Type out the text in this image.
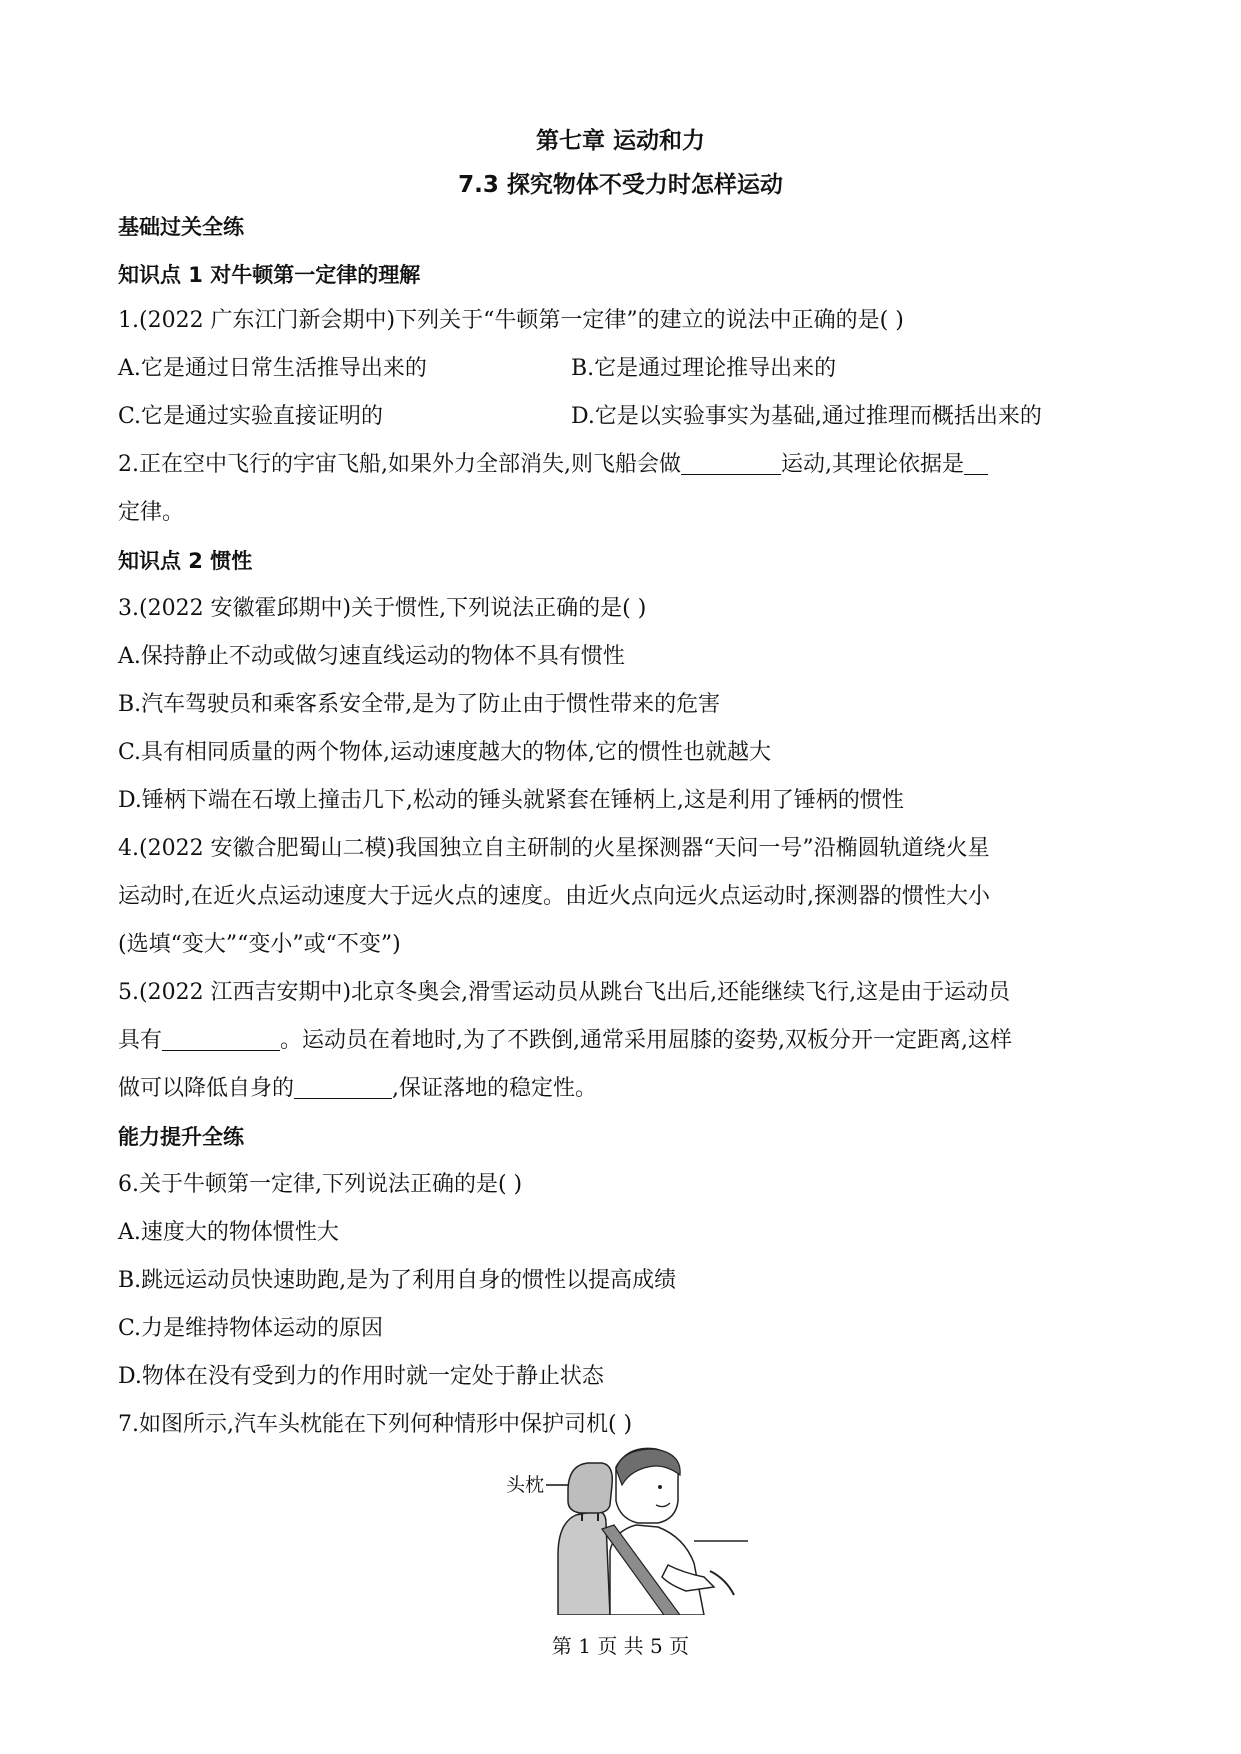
第七章 运动和力
7.3 探究物体不受力时怎样运动
基础过关全练
知识点 1 对牛顿第一定律的理解
1.(2022 广东江门新会期中)下列关于“牛顿第一定律”的建立的说法中正确的是( )
A.它是通过日常生活推导出来的	B.它是通过理论推导出来的
C.它是通过实验直接证明的	D.它是以实验事实为基础,通过推理而概括出来的
2.正在空中飞行的宇宙飞船,如果外力全部消失,则飞船会做	运动,其理论依据是
定律。
知识点 2 惯性
3.(2022 安徽霍邱期中)关于惯性,下列说法正确的是( )
A.保持静止不动或做匀速直线运动的物体不具有惯性
B.汽车驾驶员和乘客系安全带,是为了防止由于惯性带来的危害
C.具有相同质量的两个物体,运动速度越大的物体,它的惯性也就越大
D.锤柄下端在石墩上撞击几下,松动的锤头就紧套在锤柄上,这是利用了锤柄的惯性
4.(2022 安徽合肥蜀山二模)我国独立自主研制的火星探测器“天问一号”沿椭圆轨道绕火星
运动时,在近火点运动速度大于远火点的速度。由近火点向远火点运动时,探测器的惯性大小
(选填“变大”“变小”或“不变”)
5.(2022 江西吉安期中)北京冬奥会,滑雪运动员从跳台飞出后,还能继续飞行,这是由于运动员
具有	。运动员在着地时,为了不跌倒,通常采用屈膝的姿势,双板分开一定距离,这样
做可以降低自身的	,保证落地的稳定性。
能力提升全练
6.关于牛顿第一定律,下列说法正确的是( )
A.速度大的物体惯性大
B.跳远运动员快速助跑,是为了利用自身的惯性以提高成绩
C.力是维持物体运动的原因
D.物体在没有受到力的作用时就一定处于静止状态
7.如图所示,汽车头枕能在下列何种情形中保护司机( )
头枕
第 1 页 共 5 页
